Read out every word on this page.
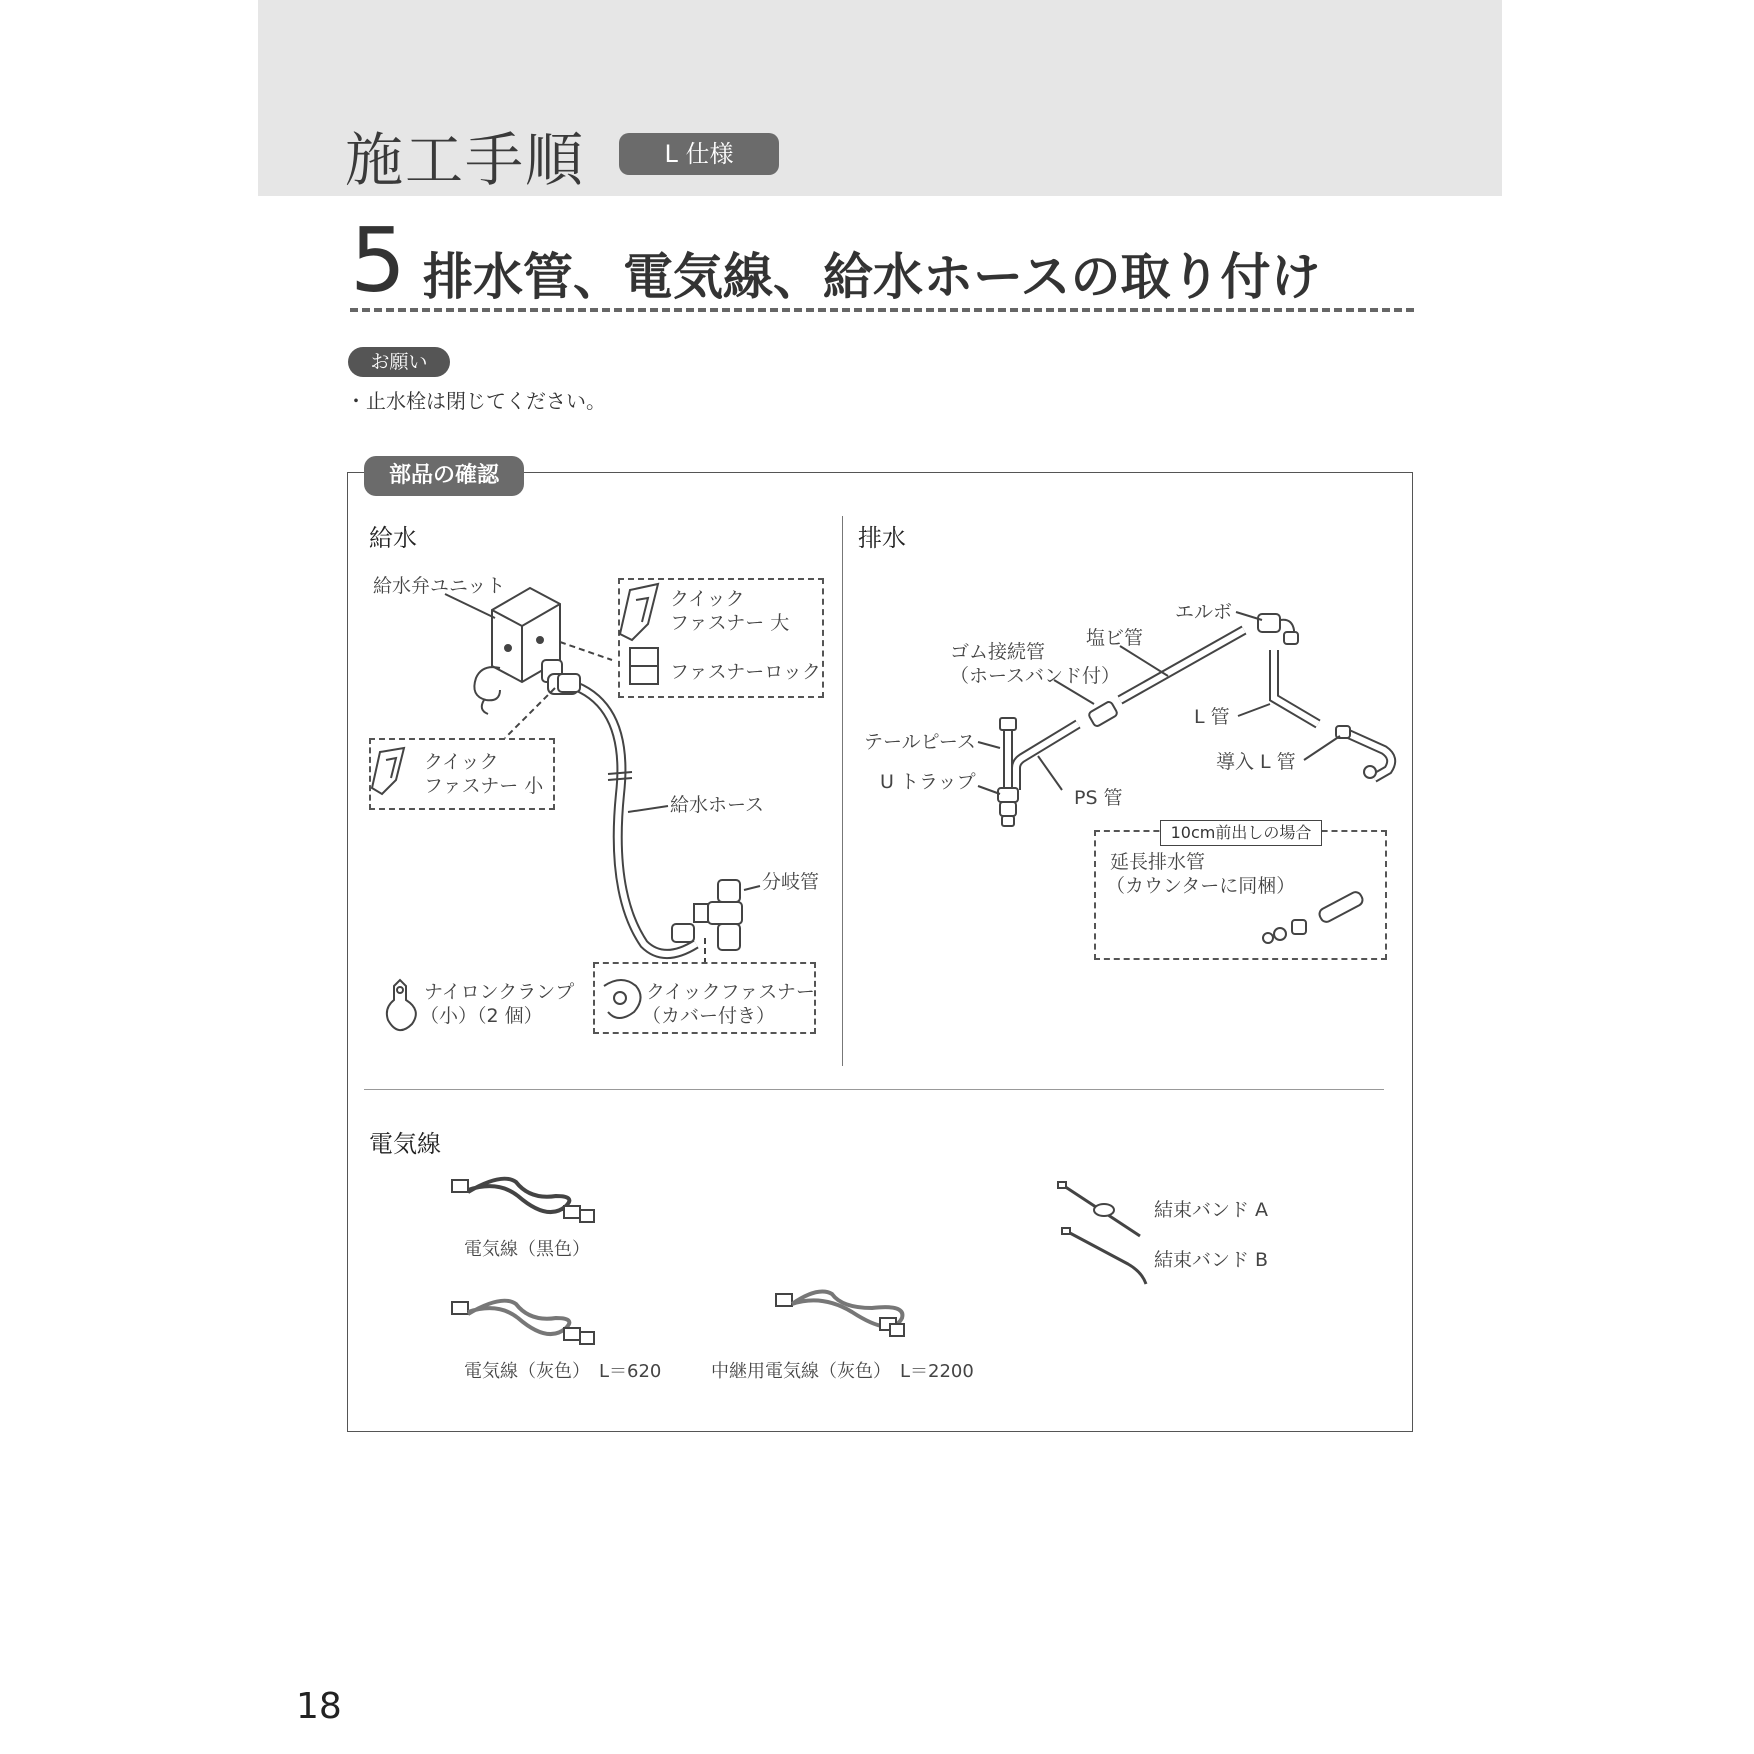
施工手順	L 仕様
5 排水管、電気線、給水ホースの取り付け
お願い
・止水栓は閉じてください。
部品の確認
10cm前出しの場合
給水
給水弁ユニット
クイック
ファスナー 大
ファスナーロック
クイック
ファスナー 小
給水ホース
分岐管
ナイロンクランプ
（小）（2 個）
クイックファスナー
（カバー付き）
排水
エルボ
塩ビ管
ゴム接続管
（ホースバンド付）
L 管
テールピース
導入 L 管
U トラップ
PS 管
延長排水管
（カウンターに同梱）
電気線
電気線（黒色）
電気線（灰色）　L＝620	中継用電気線（灰色）　L＝2200
結束バンド A
結束バンド B
18
